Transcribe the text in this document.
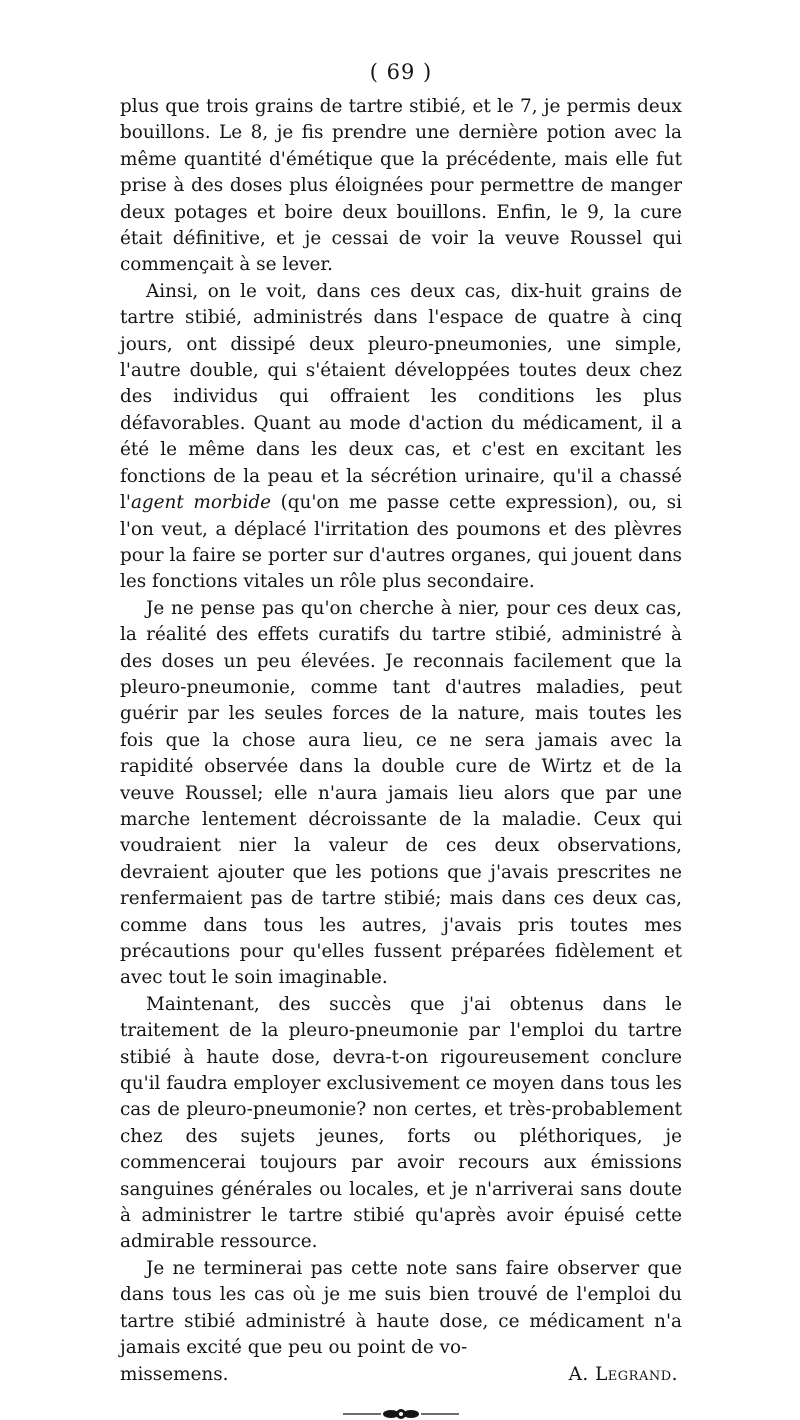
( 69 )

plus que trois grains de tartre stibié, et le 7, je permis deux bouillons. Le 8, je fis prendre une dernière potion avec la même quantité d'émétique que la précédente, mais elle fut prise à des doses plus éloignées pour permettre de manger deux potages et boire deux bouillons. Enfin, le 9, la cure était définitive, et je cessai de voir la veuve Roussel qui commençait à se lever.

Ainsi, on le voit, dans ces deux cas, dix-huit grains de tartre stibié, administrés dans l'espace de quatre à cinq jours, ont dissipé deux pleuro-pneumonies, une simple, l'autre double, qui s'étaient développées toutes deux chez des individus qui offraient les conditions les plus défavorables. Quant au mode d'action du médicament, il a été le même dans les deux cas, et c'est en excitant les fonctions de la peau et la sécrétion urinaire, qu'il a chassé l'agent morbide (qu'on me passe cette expression), ou, si l'on veut, a déplacé l'irritation des poumons et des plèvres pour la faire se porter sur d'autres organes, qui jouent dans les fonctions vitales un rôle plus secondaire.

Je ne pense pas qu'on cherche à nier, pour ces deux cas, la réalité des effets curatifs du tartre stibié, administré à des doses un peu élevées. Je reconnais facilement que la pleuro-pneumonie, comme tant d'autres maladies, peut guérir par les seules forces de la nature, mais toutes les fois que la chose aura lieu, ce ne sera jamais avec la rapidité observée dans la double cure de Wirtz et de la veuve Roussel; elle n'aura jamais lieu alors que par une marche lentement décroissante de la maladie. Ceux qui voudraient nier la valeur de ces deux observations, devraient ajouter que les potions que j'avais prescrites ne renfermaient pas de tartre stibié; mais dans ces deux cas, comme dans tous les autres, j'avais pris toutes mes précautions pour qu'elles fussent préparées fidèlement et avec tout le soin imaginable.

Maintenant, des succès que j'ai obtenus dans le traitement de la pleuro-pneumonie par l'emploi du tartre stibié à haute dose, devra-t-on rigoureusement conclure qu'il faudra employer exclusivement ce moyen dans tous les cas de pleuro-pneumonie? non certes, et très-probablement chez des sujets jeunes, forts ou pléthoriques, je commencerai toujours par avoir recours aux émissions sanguines générales ou locales, et je n'arriverai sans doute à administrer le tartre stibié qu'après avoir épuisé cette admirable ressource.

Je ne terminerai pas cette note sans faire observer que dans tous les cas où je me suis bien trouvé de l'emploi du tartre stibié administré à haute dose, ce médicament n'a jamais excité que peu ou point de vo-

missemens.	A. Legrand.
